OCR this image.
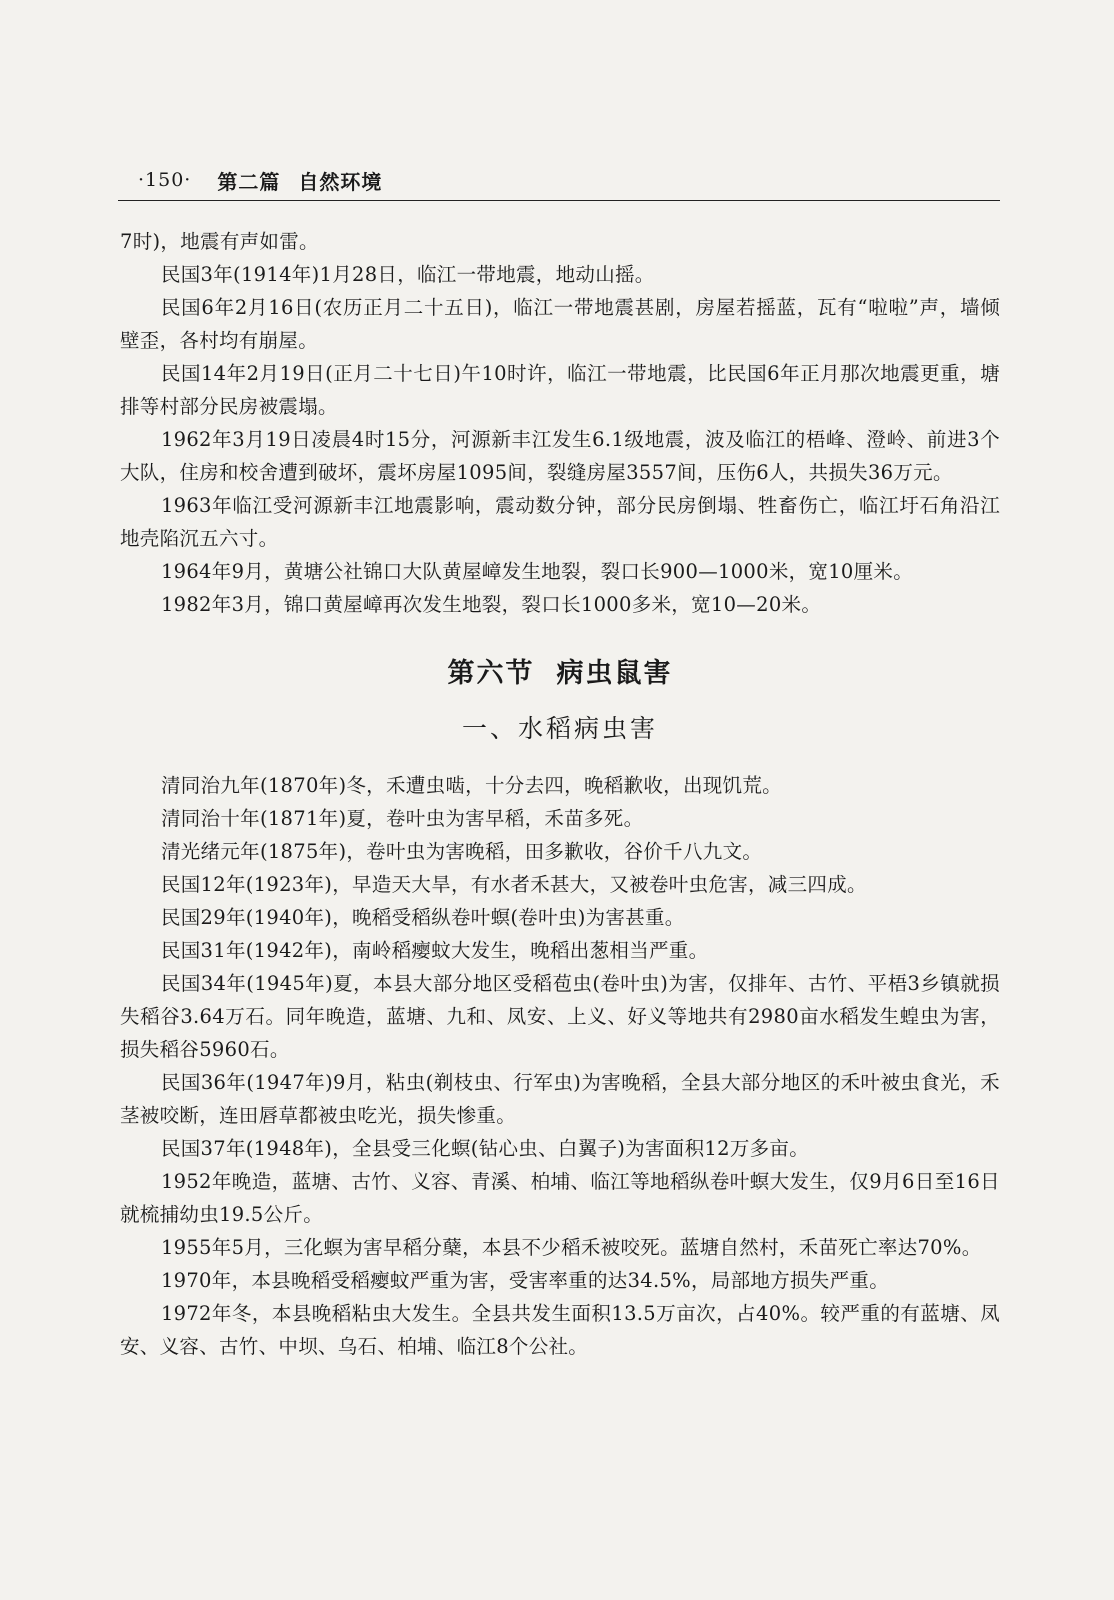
·150· 第二篇 自然环境

7时)，地震有声如雷。

民国3年(1914年)1月28日，临江一带地震，地动山摇。

民国6年2月16日(农历正月二十五日)，临江一带地震甚剧，房屋若摇蓝，瓦有“啦啦”声，墙倾壁歪，各村均有崩屋。

民国14年2月19日(正月二十七日)午10时许，临江一带地震，比民国6年正月那次地震更重，塘排等村部分民房被震塌。

1962年3月19日凌晨4时15分，河源新丰江发生6.1级地震，波及临江的梧峰、澄岭、前进3个大队，住房和校舍遭到破坏，震坏房屋1095间，裂缝房屋3557间，压伤6人，共损失36万元。

1963年临江受河源新丰江地震影响，震动数分钟，部分民房倒塌、牲畜伤亡，临江圩石角沿江地壳陷沉五六寸。

1964年9月，黄塘公社锦口大队黄屋嶂发生地裂，裂口长900—1000米，宽10厘米。

1982年3月，锦口黄屋嶂再次发生地裂，裂口长1000多米，宽10—20米。

第六节 病虫鼠害
一、水稻病虫害

清同治九年(1870年)冬，禾遭虫啮，十分去四，晚稻歉收，出现饥荒。

清同治十年(1871年)夏，卷叶虫为害早稻，禾苗多死。

清光绪元年(1875年)，卷叶虫为害晚稻，田多歉收，谷价千八九文。

民国12年(1923年)，早造天大旱，有水者禾甚大，又被卷叶虫危害，减三四成。

民国29年(1940年)，晚稻受稻纵卷叶螟(卷叶虫)为害甚重。

民国31年(1942年)，南岭稻瘿蚊大发生，晚稻出葱相当严重。

民国34年(1945年)夏，本县大部分地区受稻苞虫(卷叶虫)为害，仅排年、古竹、平梧3乡镇就损失稻谷3.64万石。同年晚造，蓝塘、九和、凤安、上义、好义等地共有2980亩水稻发生蝗虫为害，损失稻谷5960石。

民国36年(1947年)9月，粘虫(剃枝虫、行军虫)为害晚稻，全县大部分地区的禾叶被虫食光，禾茎被咬断，连田唇草都被虫吃光，损失惨重。

民国37年(1948年)，全县受三化螟(钻心虫、白翼子)为害面积12万多亩。

1952年晚造，蓝塘、古竹、义容、青溪、柏埔、临江等地稻纵卷叶螟大发生，仅9月6日至16日就梳捕幼虫19.5公斤。

1955年5月，三化螟为害早稻分蘖，本县不少稻禾被咬死。蓝塘自然村，禾苗死亡率达70%。

1970年，本县晚稻受稻瘿蚊严重为害，受害率重的达34.5%，局部地方损失严重。

1972年冬，本县晚稻粘虫大发生。全县共发生面积13.5万亩次，占40%。较严重的有蓝塘、凤安、义容、古竹、中坝、乌石、柏埔、临江8个公社。
